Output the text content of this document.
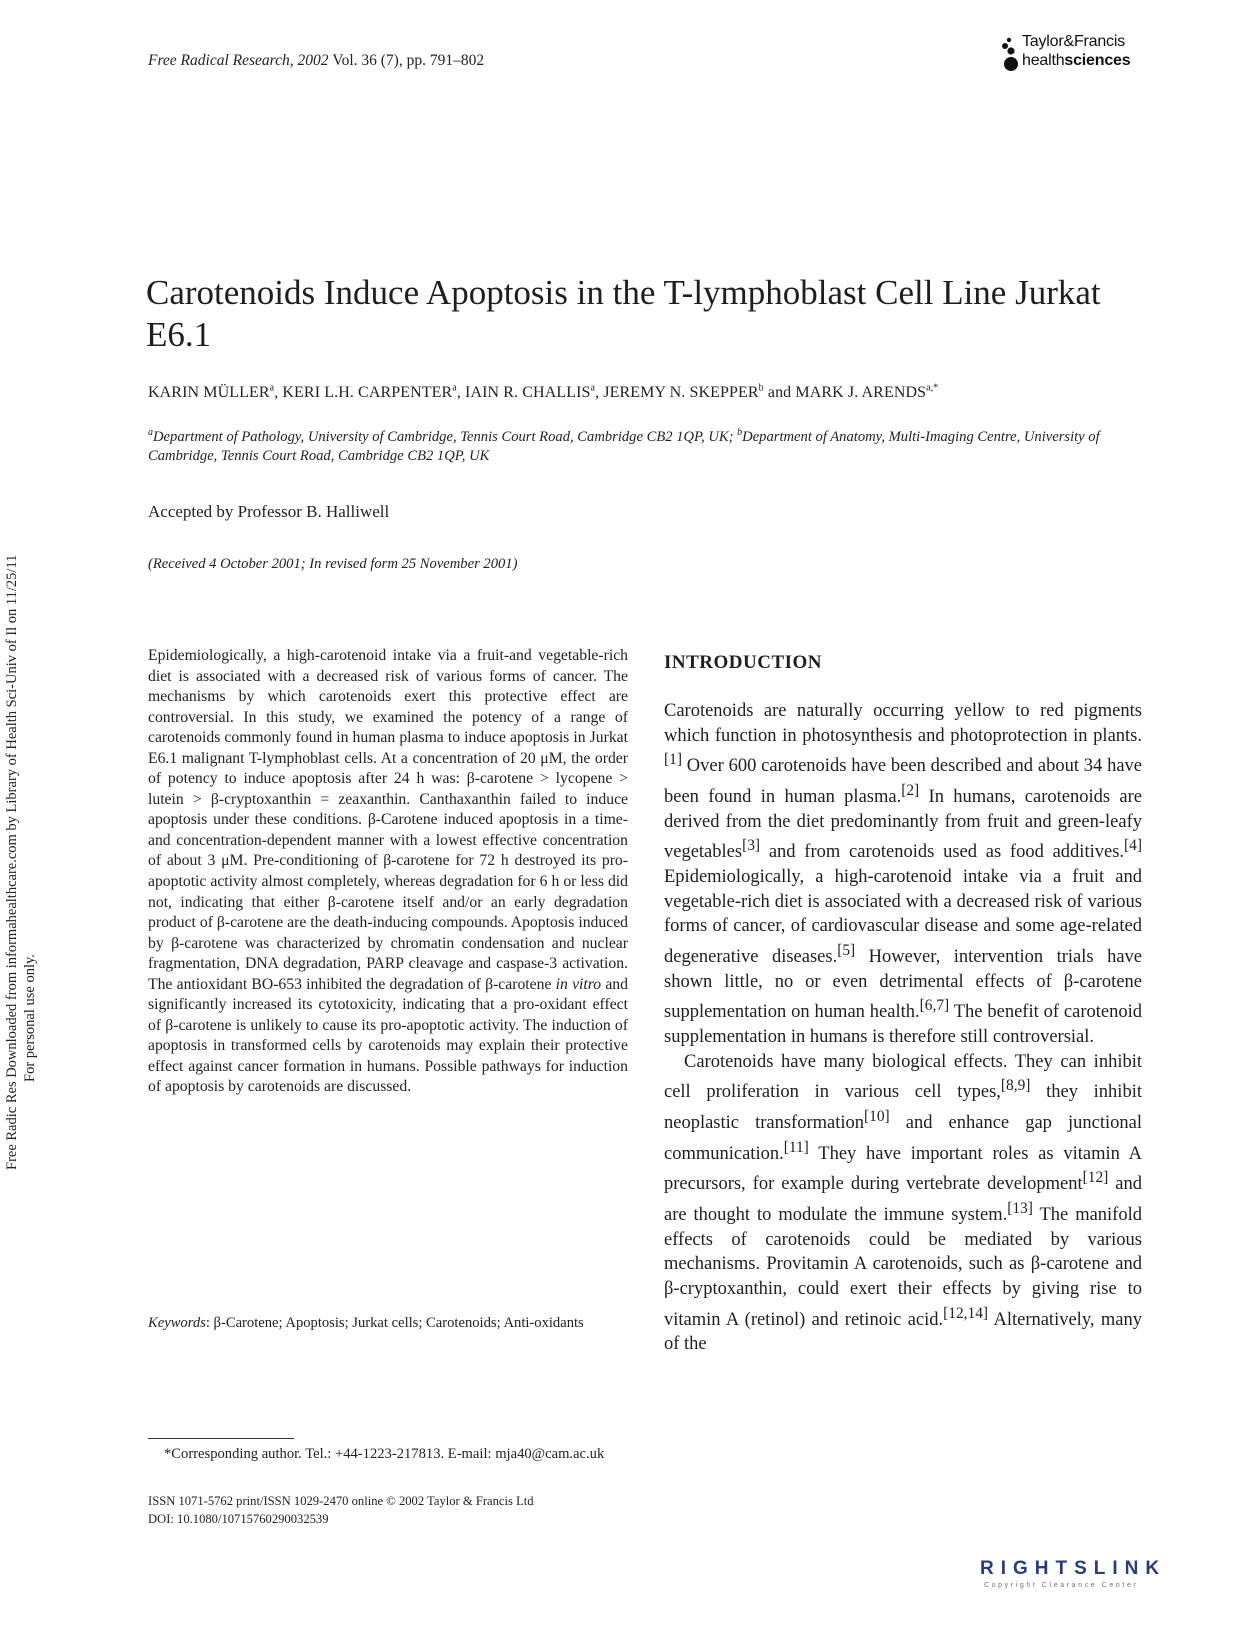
Free Radical Research, 2002 Vol. 36 (7), pp. 791–802
Taylor&Francis
healthsciences
Free Radic Res Downloaded from informahealthcare.com by Library of Health Sci-Univ of Il on 11/25/11 For personal use only.
Carotenoids Induce Apoptosis in the T-lymphoblast Cell Line Jurkat E6.1
KARIN MÜLLER$^a$, KERI L.H. CARPENTER$^a$, IAIN R. CHALLIS$^a$, JEREMY N. SKEPPER$^b$ and MARK J. $ARENDS^{a,*}$
$^a$Department of Pathology, University of Cambridge, Tennis Court Road, Cambridge CB2 1QP, UK; $^b$Department of Anatomy, Multi-Imaging Centre, University of Cambridge, Tennis Court Road, Cambridge CB2 1QP, UK
Accepted by Professor B. Halliwell
(Received 4 October 2001; In revised form 25 November 2001)

Epidemiologically, a high-carotenoid intake via a fruit-and vegetable-rich diet is associated with a decreased risk of various forms of cancer. The mechanisms by which carotenoids exert this protective effect are controversial. In this study, we examined the potency of a range of carotenoids commonly found in human plasma to induce apoptosis in Jurkat E6.1 malignant T-lymphoblast cells. At a concentration of 20 μM, the order of potency to induce apoptosis after 24 h was: β-carotene > lycopene > lutein > β-cryptoxanthin = zeaxanthin. Canthaxanthin failed to induce apoptosis under these conditions. β-Carotene induced apoptosis in a time- and concentration-dependent manner with a lowest effective concentration of about 3 μM. Pre-conditioning of β-carotene for 72 h destroyed its pro-apoptotic activity almost completely, whereas degradation for 6 h or less did not, indicating that either β-carotene itself and/or an early degradation product of β-carotene are the death-inducing compounds. Apoptosis induced by β-carotene was characterized by chromatin condensation and nuclear fragmentation, DNA degradation, PARP cleavage and caspase-3 activation. The antioxidant BO-653 inhibited the degradation of β-carotene in vitro and significantly increased its cytotoxicity, indicating that a pro-oxidant effect of β-carotene is unlikely to cause its pro-apoptotic activity. The induction of apoptosis in transformed cells by carotenoids may explain their protective effect against cancer formation in humans. Possible pathways for induction of apoptosis by carotenoids are discussed.

Keywords: β-Carotene; Apoptosis; Jurkat cells; Carotenoids; Anti-oxidants
INTRODUCTION

Carotenoids are naturally occurring yellow to red pigments which function in photosynthesis and photoprotection in plants.[1] Over 600 carotenoids have been described and about 34 have been found in human plasma.[2] In humans, carotenoids are derived from the diet predominantly from fruit and green-leafy vegetables[3] and from carotenoids used as food additives.[4] Epidemiologically, a high-carotenoid intake via a fruit and vegetable-rich diet is associated with a decreased risk of various forms of cancer, of cardiovascular disease and some age-related degenerative diseases.[5] However, intervention trials have shown little, no or even detrimental effects of β-carotene supplementation on human health.[6,7] The benefit of carotenoid supplementation in humans is therefore still controversial.

Carotenoids have many biological effects. They can inhibit cell proliferation in various cell types,[8,9] they inhibit neoplastic transformation[10] and enhance gap junctional communication.[11] They have important roles as vitamin A precursors, for example during vertebrate development[12] and are thought to modulate the immune system.[13] The manifold effects of carotenoids could be mediated by various mechanisms. Provitamin A carotenoids, such as β-carotene and β-cryptoxanthin, could exert their effects by giving rise to vitamin A (retinol) and retinoic acid.[12,14] Alternatively, many of the

*Corresponding author. Tel.: +44-1223-217813. E-mail: mja40@cam.ac.uk
ISSN 1071-5762 print/ISSN 1029-2470 online © 2002 Taylor & Francis Ltd
DOI: 10.1080/10715760290032539
RIGHTSLINK
Copyright Clearance Center
